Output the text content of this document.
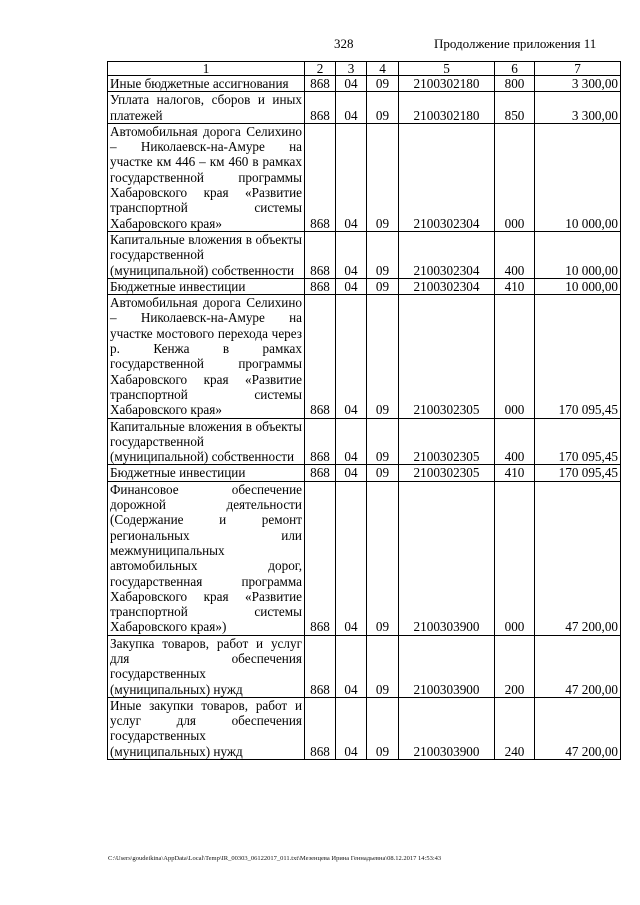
328	Продолжение приложения 11
1	2	3	4	5	6	7
Иные бюджетные ассигнования	868	04	09	2100302180	800	3 300,00
Уплата налогов, сборов и иных платежей	868	04	09	2100302180	850	3 300,00
Автомобильная дорога Селихино – Николаевск-на-Амуре на участке км 446 – км 460 в рамках государственной программы Хабаровского края «Развитие транспортной системы Хабаровского края»	868	04	09	2100302304	000	10 000,00
Капитальные вложения в объекты государственной (муниципальной) собственности	868	04	09	2100302304	400	10 000,00
Бюджетные инвестиции	868	04	09	2100302304	410	10 000,00
Автомобильная дорога Селихино – Николаевск-на-Амуре на участке мостового перехода через р. Кенжа в рамках государственной программы Хабаровского края «Развитие транспортной системы Хабаровского края»	868	04	09	2100302305	000	170 095,45
Капитальные вложения в объекты государственной (муниципальной) собственности	868	04	09	2100302305	400	170 095,45
Бюджетные инвестиции	868	04	09	2100302305	410	170 095,45
Финансовое обеспечение дорожной деятельности (Содержание и ремонт региональных или межмуниципальных автомобильных дорог, государственная программа Хабаровского края «Развитие транспортной системы Хабаровского края»)	868	04	09	2100303900	000	47 200,00
Закупка товаров, работ и услуг для обеспечения государственных (муниципальных) нужд	868	04	09	2100303900	200	47 200,00
Иные закупки товаров, работ и услуг для обеспечения государственных (муниципальных) нужд	868	04	09	2100303900	240	47 200,00
C:\Users\goudeikina\AppData\Local\Temp\IR_00303_06122017_011.txt\Мезенцева Ирина Геннадьевна\08.12.2017 14:53:43
